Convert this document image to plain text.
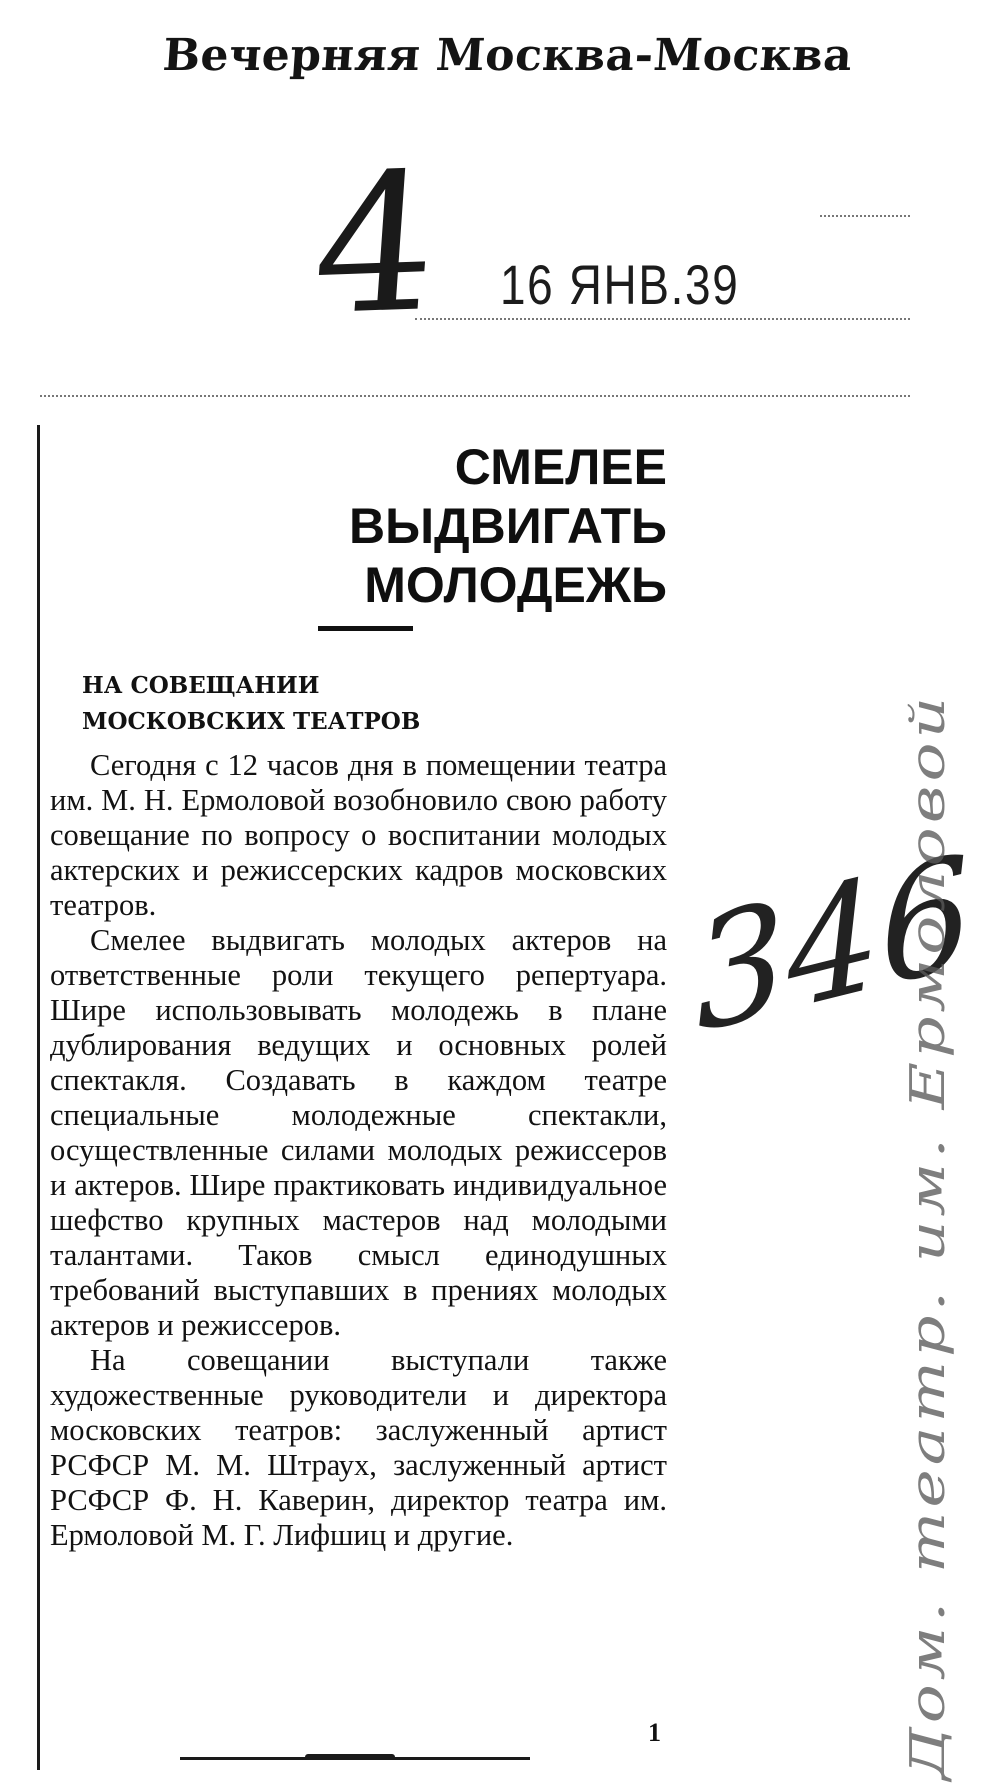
Вечерняя Москва-Москва
4 16 ЯНВ.39
СМЕЛЕЕ
ВЫДВИГАТЬ
МОЛОДЕЖЬ
НА СОВЕЩАНИИ
МОСКОВСКИХ ТЕАТРОВ

Сегодня с 12 часов дня в помещении театра им. М. Н. Ермоловой возобновило свою работу совещание по вопросу о воспитании молодых актерских и режиссерских кадров московских театров.

Смелее выдвигать молодых актеров на ответственные роли текущего репертуара. Шире использовывать молодежь в плане дублирования ведущих и основных ролей спектакля. Создавать в каждом театре специальные молодежные спектакли, осуществленные силами молодых режиссеров и актеров. Шире практиковать индивидуальное шефство крупных мастеров над молодыми талантами. Таков смысл единодушных требований выступавших в прениях молодых актеров и режиссеров.

На совещании выступали также художественные руководители и директора московских театров: заслуженный артист РСФСР М. М. Штраух, заслуженный артист РСФСР Ф. Н. Каверин, директор театра им. Ермоловой М. Г. Лифшиц и другие.

1
346
Дом. театр. им. Ермоловой
